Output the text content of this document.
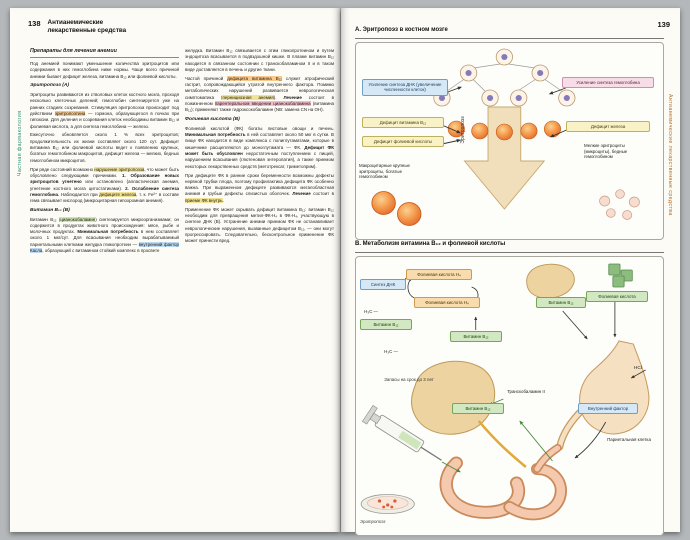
138 Антианемические лекарственные средства
Частная фармакология
Препараты для лечения анемии

Под анемией понимают уменьшение количества эритроцитов или содержания в них гемоглобина ниже нормы. Чаще всего причиной анемии бывает дефицит железа, витамина В₁₂ или фолиевой кислоты.

Эритропоэз (А)

Эритроциты развиваются из стволовых клеток костного мозга, проходя несколько клеточных делений; гемоглобин синтезируется уже на ранних стадиях созревания. Стимуляция эритропоэза происходит под действием эритропоэтина — гормона, образующегося в почках при гипоксии. Для деления и созревания клеток необходимы витамин В₁₂ и фолиевая кислота, а для синтеза гемоглобина — железо.

Ежесуточно обновляется около 1 % всех эритроцитов; продолжительность их жизни составляет около 120 сут. Дефицит витамина В₁₂ или фолиевой кислоты ведет к появлению крупных, богатых гемоглобином макроцитов, дефицит железа — мелких, бедных гемоглобином микроцитов.

При ряде состояний возможно нарушение эритропоэза, что может быть обусловлено следующими причинами. 1. Образование новых эритроцитов угнетено или остановлено (апластическая анемия, угнетение костного мозга цитостатиками). 2. Ослабление синтеза гемоглобина. Наблюдается при дефиците железа, т. к. Fe²⁺ в составе гема связывает кислород (микроцитарная гипохромная анемия).

Витамин В₁₂ (В)

Витамин В₁₂ (цианокобаламин) синтезируется микроорганизмами; он содержится в продуктах животного происхождения: мясе, рыбе и молочных продуктах. Минимальная потребность в нем составляет около 1 мкг/сут. Для всасывания необходим вырабатываемый париетальными клетками желудка гликопротеин — внутренний фактор Касла, образующий с витамином стойкий комплекс в просвете

желудка. Витамин В₁₂ связывается с этим гликопротеином и путем эндоцитоза всасывается в подвздошной кишке. В плазме витамин В₁₂ находится в связанном состоянии с транскобаламином II и в таком виде доставляется в печень и другие ткани.

Частой причиной дефицита витамина В₁₂ служит атрофический гастрит, сопровождающийся утратой внутреннего фактора. Помимо метаболических нарушений развивается неврологическая симптоматика (пернициозная анемия). Лечение состоит в пожизненном парентеральном введении цианокобаламина (витамина В₁₂); применяют также гидроксокобаламин (NB: замена CN на ОН).

Фолиевая кислота (В)

Фолиевой кислотой (ФК) богаты листовые овощи и печень. Минимальная потребность в ней составляет около 50 мкг в сутки. В пище ФК находится в виде комплекса с полиглутаматами, которые в кишечнике расщепляются до моноглутамата — ФК. Дефицит ФК может быть обусловлен недостаточным поступлением с пищей, нарушением всасывания (глютеновая энтеропатия), а также приемом некоторых лекарственных средств (метотрексат, триметоприм).

При дефиците ФК в ранние сроки беременности возможны дефекты нервной трубки плода, поэтому профилактика дефицита ФК особенно важна. При выраженном дефиците развиваются мегалобластная анемия и грубые дефекты слизистых оболочек. Лечение состоит в приеме ФК внутрь.

Применение ФК может скрывать дефицит витамина В₁₂: витамин В₁₂ необходим для превращения метил-ФК-Н₄ в ФК-Н₄, участвующую в синтезе ДНК (В). Устранение анемии приемом ФК не останавливает неврологические нарушения, вызванные дефицитом В₁₂, — они могут прогрессировать. Следовательно, бесконтрольное применение ФК может принести вред.

139
Антианемические лекарственные средства
А. Эритропоэз в костном мозге
Усиление синтеза ДНК (увеличение численности клеток)
Усиление синтеза гемоглобина
Дефицит витамина В₁₂
Дефицит фолиевой кислоты
Дефицит железа
Эритропоэз
Макроцитарные крупные эритроциты, богатые гемоглобином
Мелкие эритроциты (микроциты), бедные гемоглобином
В. Метаболизм витамина В₁₂ и фолиевой кислоты
Синтез ДНК
Фолиевая кислота Н₄
Фолиевая кислота Н₄
Н₃С —
Витамин В₁₂
Н₃С —
Витамин В₁₂
Витамин В₁₂
Фолиевая кислота
Запасы на срок до 3 лет
Витамин В₁₂
Транскобаламин II
Внутренний фактор
HCl
Париетальная клетка
Эритропоэз
